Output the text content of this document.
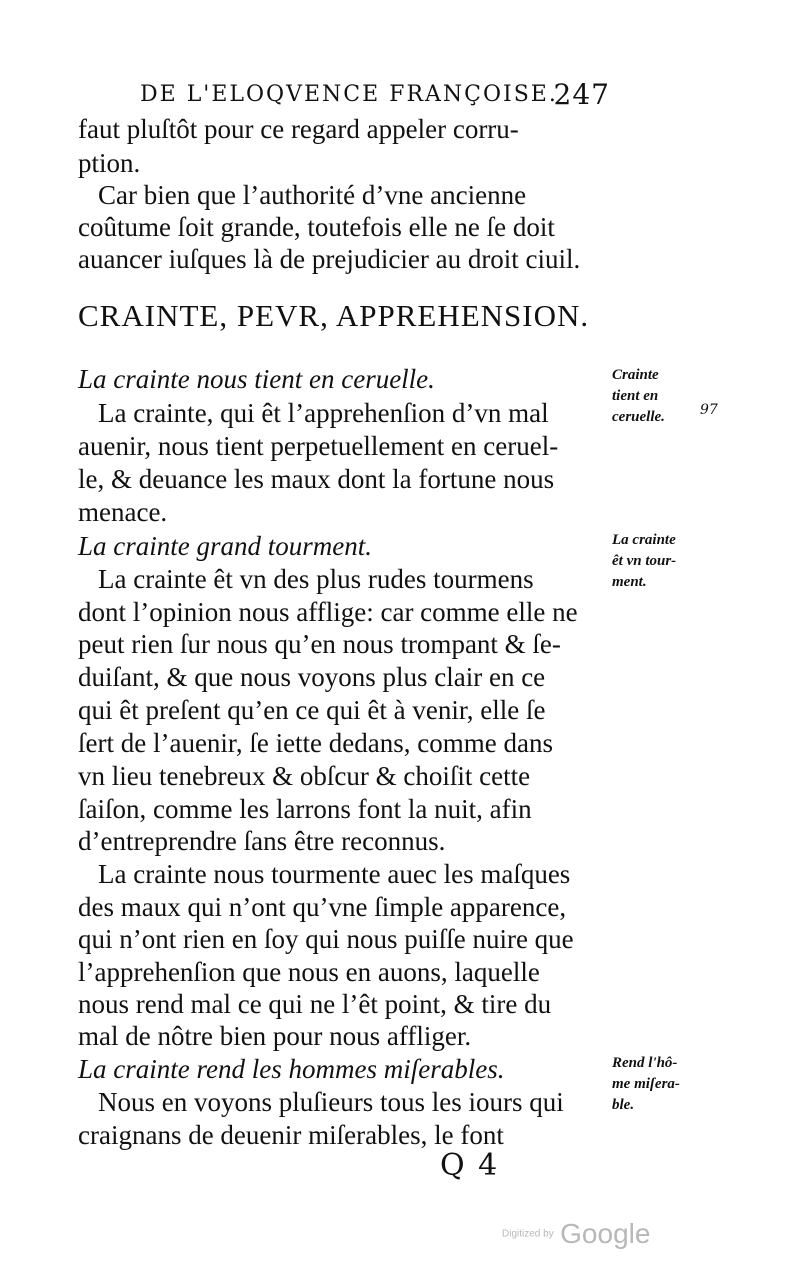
DE L'ELOQVENCE FRANÇOISE.
247
faut pluſtôt pour ce regard appeler corru-
ption.
Car bien que l’authorité d’vne ancienne
coûtume ſoit grande, toutefois elle ne ſe doit
auancer iuſques là de prejudicier au droit ciuil.
CRAINTE, PEVR, APPREHENSION.
La crainte nous tient en ceruelle.
La crainte, qui êt l’apprehenſion d’vn mal
auenir, nous tient perpetuellement en ceruel-
le, & deuance les maux dont la fortune nous
menace.
La crainte grand tourment.
La crainte êt vn des plus rudes tourmens
dont l’opinion nous afflige: car comme elle ne
peut rien ſur nous qu’en nous trompant & ſe-
duiſant, & que nous voyons plus clair en ce
qui êt preſent qu’en ce qui êt à venir, elle ſe
ſert de l’auenir, ſe iette dedans, comme dans
vn lieu tenebreux & obſcur & choiſit cette
ſaiſon, comme les larrons font la nuit, afin
d’entreprendre ſans être reconnus.
La crainte nous tourmente auec les maſques
des maux qui n’ont qu’vne ſimple apparence,
qui n’ont rien en ſoy qui nous puiſſe nuire que
l’apprehenſion que nous en auons, laquelle
nous rend mal ce qui ne l’êt point, & tire du
mal de nôtre bien pour nous affliger.
La crainte rend les hommes miſerables.
Nous en voyons pluſieurs tous les iours qui
craignans de deuenir miſerables, le font
Crainte
tient en
ceruelle.	97
La crainte
êt vn tour-
ment.
Rend l'hô-
me miſera-
ble.
Q 4
Digitized by Google
